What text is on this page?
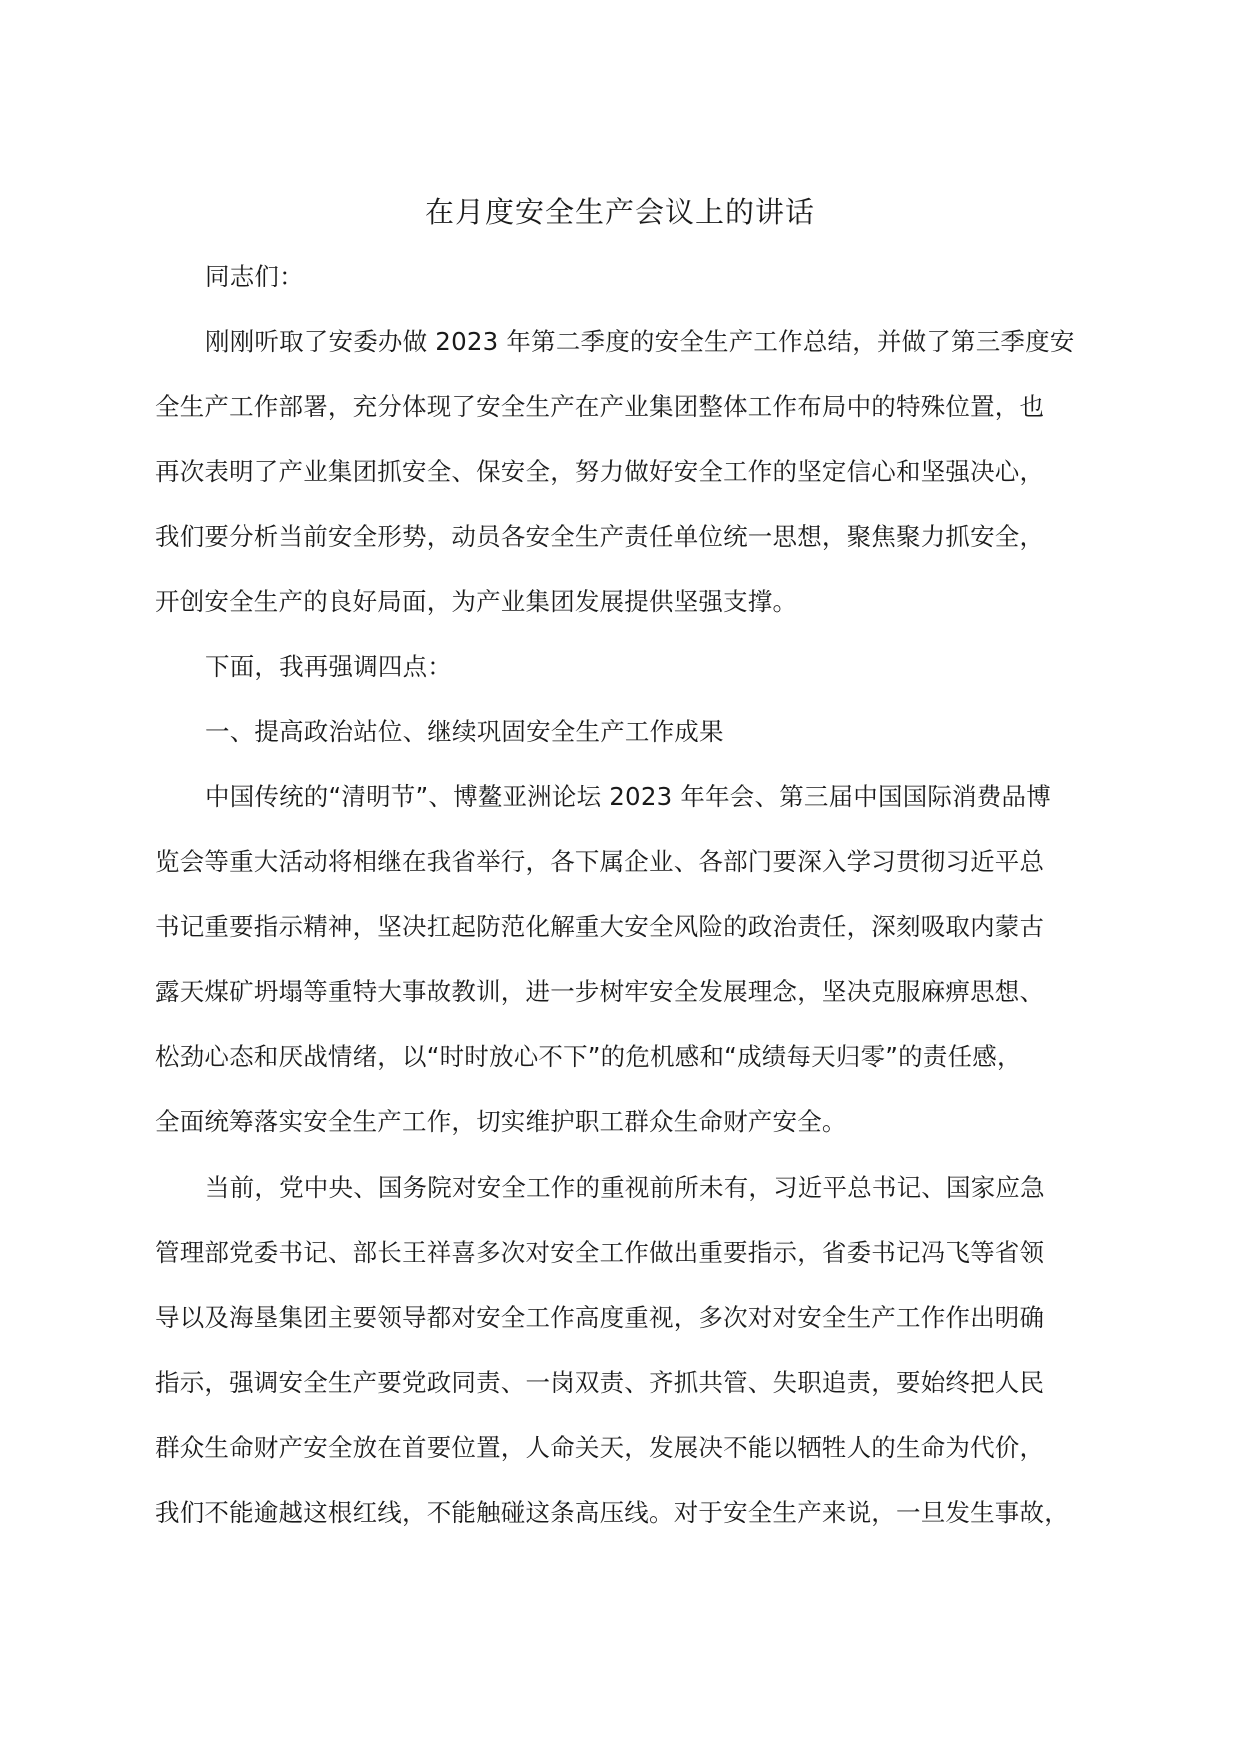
在月度安全生产会议上的讲话

同志们：

刚刚听取了安委办做 2023 年第二季度的安全生产工作总结，并做了第三季度安

全生产工作部署，充分体现了安全生产在产业集团整体工作布局中的特殊位置，也

再次表明了产业集团抓安全、保安全，努力做好安全工作的坚定信心和坚强决心，

我们要分析当前安全形势，动员各安全生产责任单位统一思想，聚焦聚力抓安全，

开创安全生产的良好局面，为产业集团发展提供坚强支撑。

下面，我再强调四点：

一、提高政治站位、继续巩固安全生产工作成果

中国传统的“清明节”、博鳌亚洲论坛 2023 年年会、第三届中国国际消费品博

览会等重大活动将相继在我省举行，各下属企业、各部门要深入学习贯彻习近平总

书记重要指示精神，坚决扛起防范化解重大安全风险的政治责任，深刻吸取内蒙古

露天煤矿坍塌等重特大事故教训，进一步树牢安全发展理念，坚决克服麻痹思想、

松劲心态和厌战情绪，以“时时放心不下”的危机感和“成绩每天归零”的责任感，

全面统筹落实安全生产工作，切实维护职工群众生命财产安全。

当前，党中央、国务院对安全工作的重视前所未有，习近平总书记、国家应急

管理部党委书记、部长王祥喜多次对安全工作做出重要指示，省委书记冯飞等省领

导以及海垦集团主要领导都对安全工作高度重视，多次对对安全生产工作作出明确

指示，强调安全生产要党政同责、一岗双责、齐抓共管、失职追责，要始终把人民

群众生命财产安全放在首要位置，人命关天，发展决不能以牺牲人的生命为代价，

我们不能逾越这根红线，不能触碰这条高压线。对于安全生产来说，一旦发生事故，
